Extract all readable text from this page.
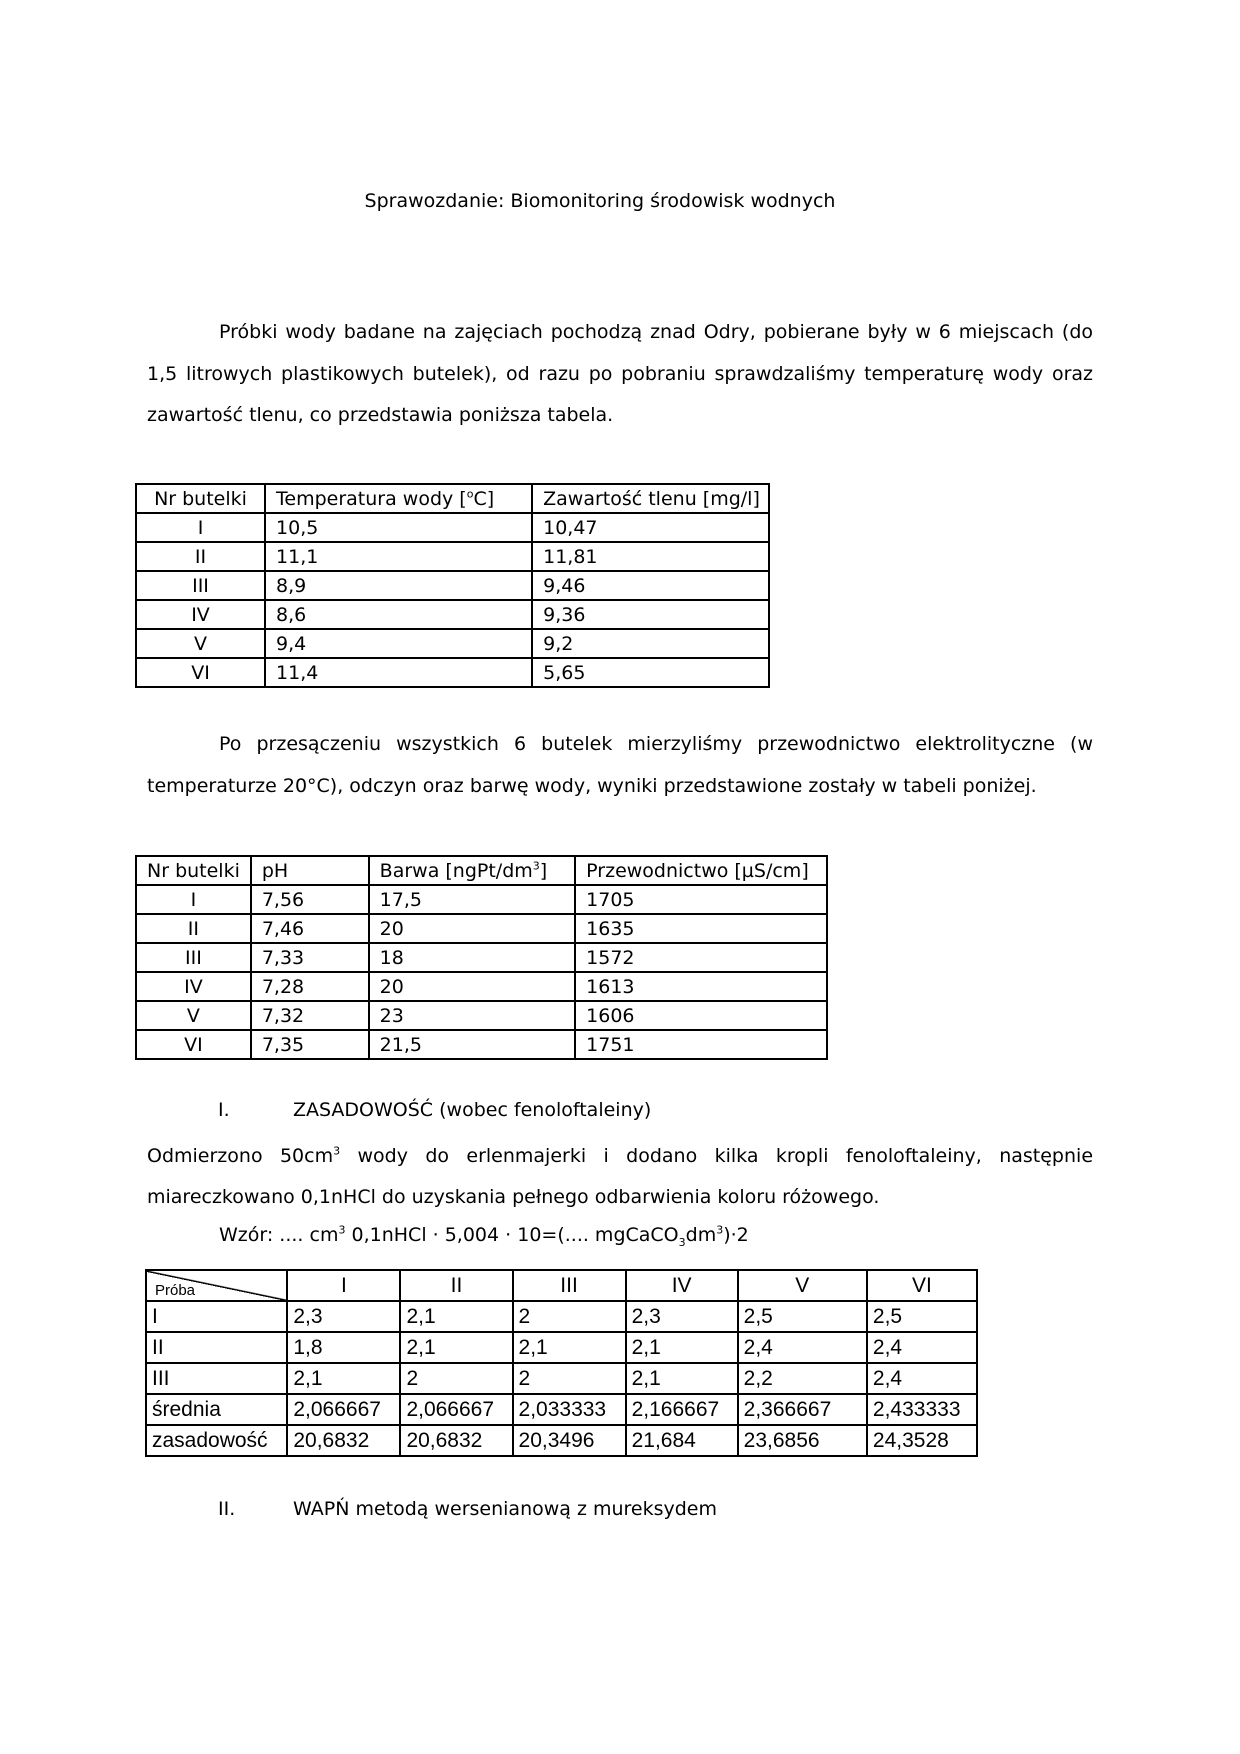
Sprawozdanie: Biomonitoring środowisk wodnych
Próbki wody badane na zajęciach pochodzą znad Odry, pobierane były w 6 miejscach (do 1,5 litrowych plastikowych butelek), od razu po pobraniu sprawdzaliśmy temperaturę wody oraz zawartość tlenu, co przedstawia poniższa tabela.
Nr butelki	Temperatura wody [$^o$C]	Zawartość tlenu [mg/l]
I	10,5	10,47
II	11,1	11,81
III	8,9	9,46
IV	8,6	9,36
V	9,4	9,2
VI	11,4	5,65
Po przesączeniu wszystkich 6 butelek mierzyliśmy przewodnictwo elektrolityczne (w temperaturze 20°C), odczyn oraz barwę wody, wyniki przedstawione zostały w tabeli poniżej.
Nr butelki	pH	Barwa $[ngPt/dm^3]$	Przewodnictwo [µS/cm]
I	7,56	17,5	1705
II	7,46	20	1635
III	7,33	18	1572
IV	7,28	20	1613
V	7,32	23	1606
VI	7,35	21,5	1751
I.	ZASADOWOŚĆ (wobec fenoloftaleiny)
Odmierzono $50cm^3$ wody do erlenmajerki i dodano kilka kropli fenoloftaleiny, następnie
miareczkowano 0,1nHCl do uzyskania pełnego odbarwienia koloru różowego.
Wzór: .... $cm^3$ 0,1nHCl · 5,004 · 10=(.... $mgCaCO_3dm^3)\cdot 2$
Próba	I	II	III	IV	V	VI
I	2,3	2,1	2	2,3	2,5	2,5
II	1,8	2,1	2,1	2,1	2,4	2,4
III	2,1	2	2	2,1	2,2	2,4
średnia	2,066667	2,066667	2,033333	2,166667	2,366667	2,433333
zasadowość	20,6832	20,6832	20,3496	21,684	23,6856	24,3528
II.	WAPŃ metodą wersenianową z mureksydem
